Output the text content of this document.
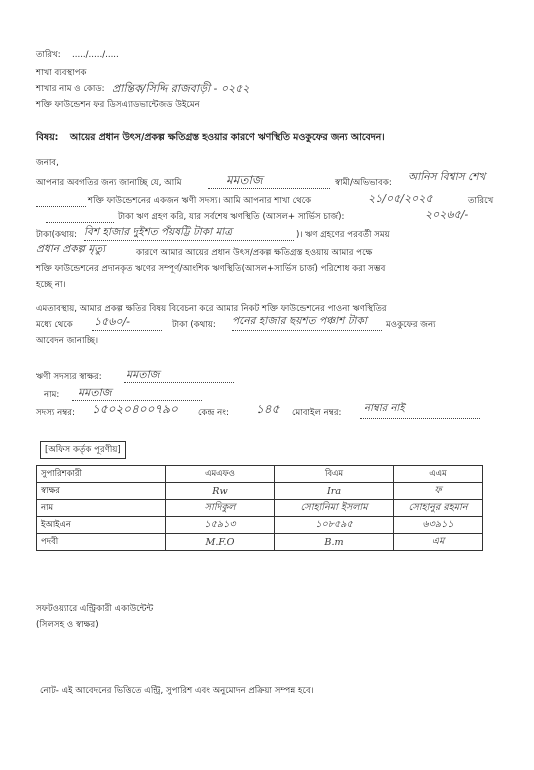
তারিখ: ...../...../.....
শাখা ব্যবস্থাপক
শাখার নাম ও কোড: প্রান্তিক/সিদ্দি রাজবাড়ী - ০২৫২
শক্তি ফাউন্ডেশন ফর ডিসএ্যাডভান্টেজড উইমেন
বিষয়: আয়ের প্রধান উৎস/প্রকল্প ক্ষতিগ্রস্ত হওয়ার কারণে ঋণস্থিতি মওকুফের জন্য আবেদন।
জনাব,
আপনার অবগতির জন্য জানাচ্ছি যে, আমি	মমতাজ	স্বামী/অভিভাবক: আনিস বিশ্বাস শেখ
শক্তি ফাউন্ডেশনের একজন ঋণী সদস্য। আমি আপনার শাখা থেকে	২১/০৫/২০২৫	তারিখে
টাকা ঋণ গ্রহণ করি, যার সর্বশেষ ঋণস্থিতি (আসল+ সার্ভিস চার্জ):	২০২৬৫/-
টাকা(কথায়: বিশ হাজার দুইশত পঁয়ষট্টি টাকা মাত্র	)। ঋণ গ্রহণের পরবর্তী সময়
প্রধান প্রকল্প মৃত্যু	কারণে আমার আয়ের প্রধান উৎস/প্রকল্প ক্ষতিগ্রস্ত হওয়ায় আমার পক্ষে
শক্তি ফাউন্ডেশনের প্রদানকৃত ঋণের সম্পূর্ণ/আংশিক ঋণস্থিতি(আসল+সার্ভিস চার্জ) পরিশোধ করা সম্ভব
হচ্ছে না।
এমতাবস্থায়, আমার প্রকল্প ক্ষতির বিষয় বিবেচনা করে আমার নিকট শক্তি ফাউন্ডেশনের পাওনা ঋণস্থিতির
মধ্যে থেকে ১৫৬০/-	টাকা (কথায়: পনের হাজার ছয়শত পঞ্চাশ টাকা মওকুফের জন্য
আবেদন জানাচ্ছি।
ঋণী সদস্যর স্বাক্ষর: মমতাজ
নাম: মমতাজ
সদস্য নম্বর: ১৫০২০৪০০৭৯০ কেন্দ্র নং: ১৪৫ মোবাইল নম্বর: নাম্বার নাই
[অফিস কর্তৃক পূরণীয়]
সুপারিশকারী	এমএফও	বিএম	এএম
স্বাক্ষর	Rw	Ira	ফ
নাম	সাদিকুল	সোহানিমা ইসলাম	সোহানুর রহমান
ইআইএন	১৫৯১৩	১০৮৫৯৫	৬৩৯১১
পদবী	M.F.O	B.m	এম
সফটওয়্যারে এন্ট্রিকারী একাউন্টেন্ট
(সিলসহ ও স্বাক্ষর)
নোট- এই আবেদনের ভিত্তিতে এন্ট্রি, সুপারিশ এবং অনুমোদন প্রক্রিয়া সম্পন্ন হবে।
